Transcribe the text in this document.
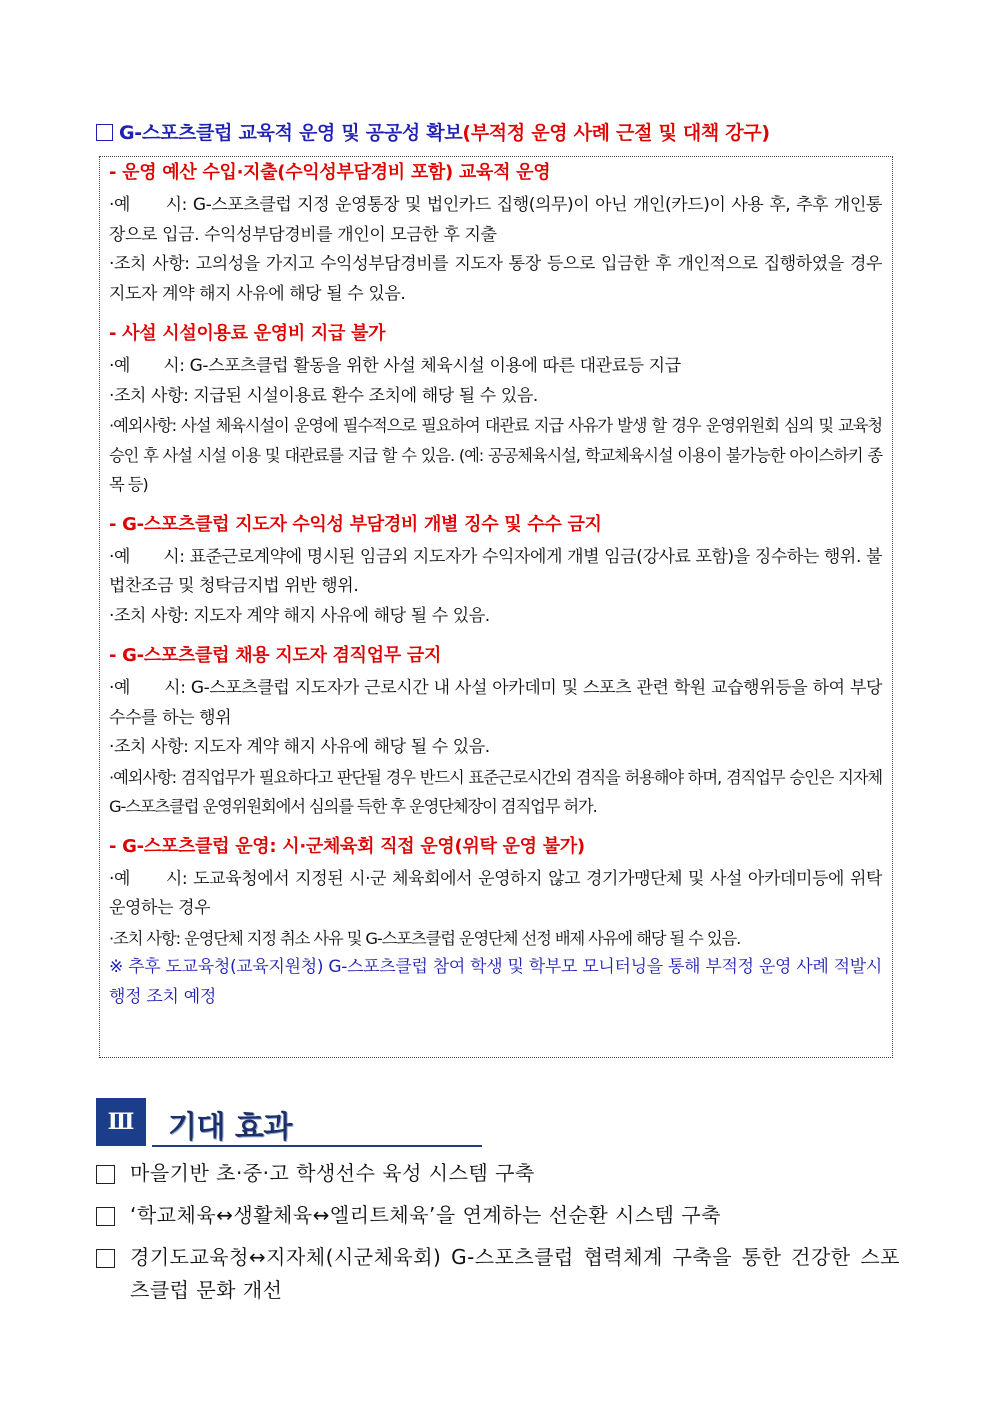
G-스포츠클럽 교육적 운영 및 공공성 확보(부적정 운영 사례 근절 및 대책 강구)
- 운영 예산 수입·지출(수익성부담경비 포함) 교육적 운영
·예　　시: G-스포츠클럽 지정 운영통장 및 법인카드 집행(의무)이 아닌 개인(카드)이 사용 후, 추후 개인통장으로 입금. 수익성부담경비를 개인이 모금한 후 지출
·조치 사항: 고의성을 가지고 수익성부담경비를 지도자 통장 등으로 입금한 후 개인적으로 집행하였을 경우 지도자 계약 해지 사유에 해당 될 수 있음.
- 사설 시설이용료 운영비 지급 불가
·예　　시: G-스포츠클럽 활동을 위한 사설 체육시설 이용에 따른 대관료등 지급
·조치 사항: 지급된 시설이용료 환수 조치에 해당 될 수 있음.
·예외사항: 사설 체육시설이 운영에 필수적으로 필요하여 대관료 지급 사유가 발생 할 경우 운영위원회 심의 및 교육청 승인 후 사설 시설 이용 및 대관료를 지급 할 수 있음. (예: 공공체육시설, 학교체육시설 이용이 불가능한 아이스하키 종목 등)
- G-스포츠클럽 지도자 수익성 부담경비 개별 징수 및 수수 금지
·예　　시: 표준근로계약에 명시된 임금외 지도자가 수익자에게 개별 임금(강사료 포함)을 징수하는 행위. 불법찬조금 및 청탁금지법 위반 행위.
·조치 사항: 지도자 계약 해지 사유에 해당 될 수 있음.
- G-스포츠클럽 채용 지도자 겸직업무 금지
·예　　시: G-스포츠클럽 지도자가 근로시간 내 사설 아카데미 및 스포츠 관련 학원 교습행위등을 하여 부당 수수를 하는 행위
·조치 사항: 지도자 계약 해지 사유에 해당 될 수 있음.
·예외사항: 겸직업무가 필요하다고 판단될 경우 반드시 표준근로시간외 겸직을 허용해야 하며, 겸직업무 승인은 지자체 G-스포츠클럽 운영위원회에서 심의를 득한 후 운영단체장이 겸직업무 허가.
- G-스포츠클럽 운영: 시·군체육회 직접 운영(위탁 운영 불가)
·예　　시: 도교육청에서 지정된 시·군 체육회에서 운영하지 않고 경기가맹단체 및 사설 아카데미등에 위탁 운영하는 경우
·조치 사항: 운영단체 지정 취소 사유 및 G-스포츠클럽 운영단체 선정 배제 사유에 해당 될 수 있음.
※ 추후 도교육청(교육지원청) G-스포츠클럽 참여 학생 및 학부모 모니터닝을 통해 부적정 운영 사례 적발시 행정 조치 예정
Ⅲ	기대 효과
마을기반 초·중·고 학생선수 육성 시스템 구축
‘학교체육↔생활체육↔엘리트체육’을 연계하는 선순환 시스템 구축
경기도교육청↔지자체(시군체육회) G-스포츠클럽 협력체계 구축을 통한 건강한 스포츠클럽 문화 개선
